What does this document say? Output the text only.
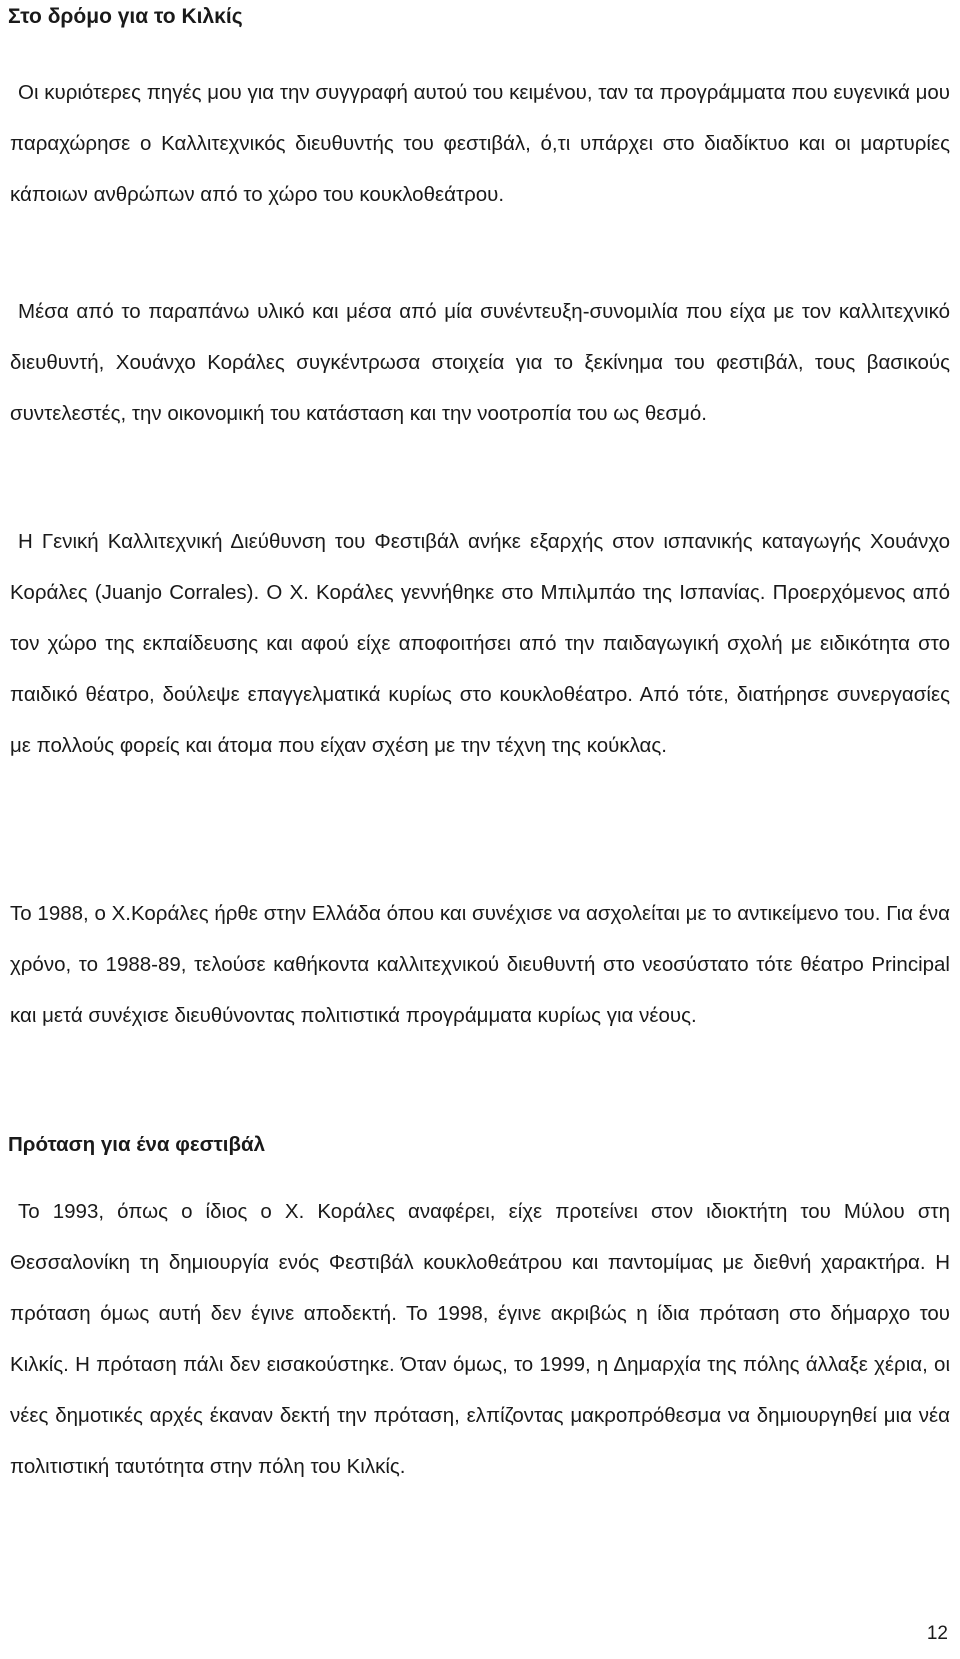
Στο δρόμο για το Κιλκίς

Οι κυριότερες πηγές μου για την συγγραφή αυτού του κειμένου, ταν τα προγράμματα που ευγενικά μου παραχώρησε ο Καλλιτεχνικός διευθυντής του φεστιβάλ, ό,τι υπάρχει στο διαδίκτυο και οι μαρτυρίες κάποιων ανθρώπων από το χώρο του κουκλοθεάτρου.

Μέσα από το παραπάνω υλικό και μέσα από μία συνέντευξη-συνομιλία που είχα με τον καλλιτεχνικό διευθυντή, Χουάνχο Κοράλες συγκέντρωσα στοιχεία για το ξεκίνημα του φεστιβάλ, τους βασικούς συντελεστές, την οικονομική του κατάσταση και την νοοτροπία του ως θεσμό.

Η Γενική Καλλιτεχνική Διεύθυνση του Φεστιβάλ ανήκε εξαρχής στον ισπανικής καταγωγής Χουάνχο Κοράλες (Juanjo Corrales). Ο Χ. Κοράλες γεννήθηκε στο Μπιλμπάο της Ισπανίας. Προερχόμενος από τον χώρο της εκπαίδευσης και αφού είχε αποφοιτήσει από την παιδαγωγική σχολή με ειδικότητα στο παιδικό θέατρο, δούλεψε επαγγελματικά κυρίως στο κουκλοθέατρο. Από τότε, διατήρησε συνεργασίες με πολλούς φορείς και άτομα που είχαν σχέση με την τέχνη της κούκλας.

Το 1988, ο Χ.Κοράλες ήρθε στην Ελλάδα όπου και συνέχισε να ασχολείται με το αντικείμενο του. Για ένα χρόνο, το 1988-89, τελούσε καθήκοντα καλλιτεχνικού διευθυντή στο νεοσύστατο τότε θέατρο Principal και μετά συνέχισε διευθύνοντας πολιτιστικά προγράμματα κυρίως για νέους.

Πρόταση για ένα φεστιβάλ

Το 1993, όπως ο ίδιος ο Χ. Κοράλες αναφέρει, είχε προτείνει στον ιδιοκτήτη του Μύλου στη Θεσσαλονίκη τη δημιουργία ενός Φεστιβάλ κουκλοθεάτρου και παντομίμας με διεθνή χαρακτήρα. Η πρόταση όμως αυτή δεν έγινε αποδεκτή. Το 1998, έγινε ακριβώς η ίδια πρόταση στο δήμαρχο του Κιλκίς. Η πρόταση πάλι δεν εισακούστηκε. Όταν όμως, το 1999, η Δημαρχία της πόλης άλλαξε χέρια, οι νέες δημοτικές αρχές έκαναν δεκτή την πρόταση, ελπίζοντας μακροπρόθεσμα να δημιουργηθεί μια νέα πολιτιστική ταυτότητα στην πόλη του Κιλκίς.

12
